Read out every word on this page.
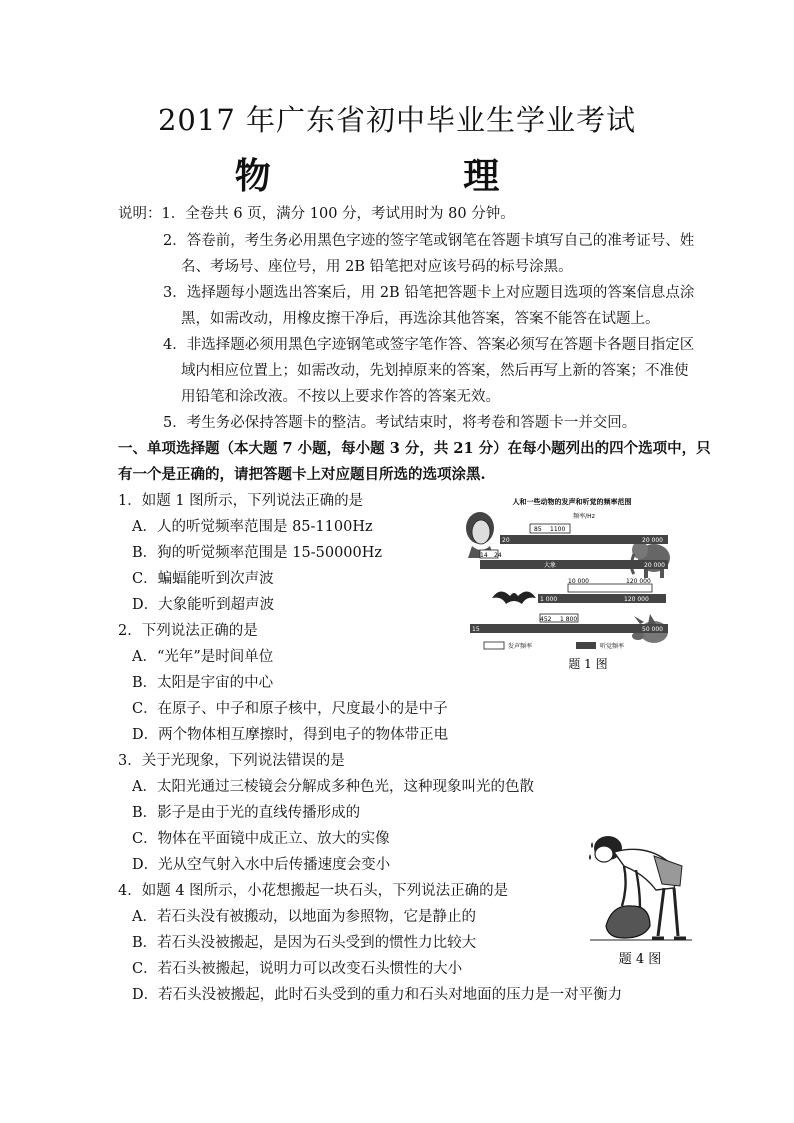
2017 年广东省初中毕业生学业考试
物 理
说明：1．全卷共 6 页，满分 100 分，考试用时为 80 分钟。
2．答卷前，考生务必用黑色字迹的签字笔或钢笔在答题卡填写自己的准考证号、姓
名、考场号、座位号，用 2B 铅笔把对应该号码的标号涂黑。
3．选择题每小题选出答案后，用 2B 铅笔把答题卡上对应题目选项的答案信息点涂
黑，如需改动，用橡皮擦干净后，再选涂其他答案，答案不能答在试题上。
4．非选择题必须用黑色字迹钢笔或签字笔作答、答案必须写在答题卡各题目指定区
域内相应位置上；如需改动，先划掉原来的答案，然后再写上新的答案；不准使
用铅笔和涂改液。不按以上要求作答的答案无效。
5．考生务必保持答题卡的整洁。考试结束时，将考卷和答题卡一并交回。
一、单项选择题（本大题 7 小题，每小题 3 分，共 21 分）在每小题列出的四个选项中，只
有一个是正确的，请把答题卡上对应题目所选的选项涂黑.
1．如题 1 图所示，下列说法正确的是
A．人的听觉频率范围是 85-1100Hz
B．狗的听觉频率范围是 15-50000Hz
C．蝙蝠能听到次声波
D．大象能听到超声波
2．下列说法正确的是
A．“光年”是时间单位
B．太阳是宇宙的中心
C．在原子、中子和原子核中，尺度最小的是中子
D．两个物体相互摩擦时，得到电子的物体带正电
3．关于光现象，下列说法错误的是
A．太阳光通过三棱镜会分解成多种色光，这种现象叫光的色散
B．影子是由于光的直线传播形成的
C．物体在平面镜中成正立、放大的实像
D．光从空气射入水中后传播速度会变小
4．如题 4 图所示，小花想搬起一块石头，下列说法正确的是
A．若石头没有被搬动，以地面为参照物，它是静止的
B．若石头没被搬起，是因为石头受到的惯性力比较大
C．若石头被搬起，说明力可以改变石头惯性的大小
D．若石头没被搬起，此时石头受到的重力和石头对地面的压力是一对平衡力
人和一些动物的发声和听觉的频率范围
频率/Hz
85 1100
20	20 000
14 24
大象	20 000
10 000	120 000
1 000	120 000
452 1 800
15	50 000
发声频率	听觉频率
题 1 图
题 4 图
